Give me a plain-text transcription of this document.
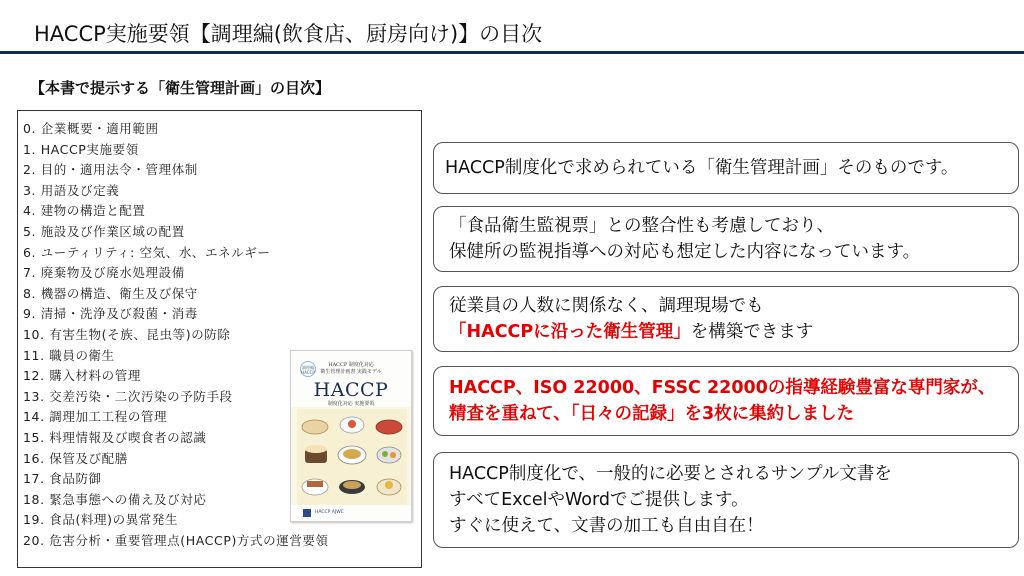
HACCP実施要領【調理編(飲食店、厨房向け)】の目次
【本書で提示する「衛生管理計画」の目次】
0. 企業概要・適用範囲
1. HACCP実施要領
2. 目的・適用法令・管理体制
3. 用語及び定義
4. 建物の構造と配置
5. 施設及び作業区域の配置
6. ユーティリティ: 空気、水、エネルギー
7. 廃棄物及び廃水処理設備
8. 機器の構造、衛生及び保守
9. 清掃・洗浄及び殺菌・消毒
10. 有害生物(そ族、昆虫等)の防除
11. 職員の衛生
12. 購入材料の管理
13. 交差汚染・二次汚染の予防手段
14. 調理加工工程の管理
15. 料理情報及び喫食者の認識
16. 保管及び配膳
17. 食品防御
18. 緊急事態への備え及び対応
19. 食品(料理)の異常発生
20. 危害分析・重要管理点(HACCP)方式の運営要領
調理編 HACCP
HACCP 制度化対応
衛生管理計画書 実践モデル
HACCP
制度化対応 実施要領
HACCP AJWC
HACCP制度化で求められている「衛生管理計画」そのものです。
「食品衛生監視票」との整合性も考慮しており、
保健所の監視指導への対応も想定した内容になっています。
従業員の人数に関係なく、調理現場でも
「HACCPに沿った衛生管理」を構築できます
HACCP、ISO 22000、FSSC 22000の指導経験豊富な専門家が、
精査を重ねて、「日々の記録」を3枚に集約しました
HACCP制度化で、一般的に必要とされるサンプル文書を
すべてExcelやWordでご提供します。
すぐに使えて、文書の加工も自由自在！
